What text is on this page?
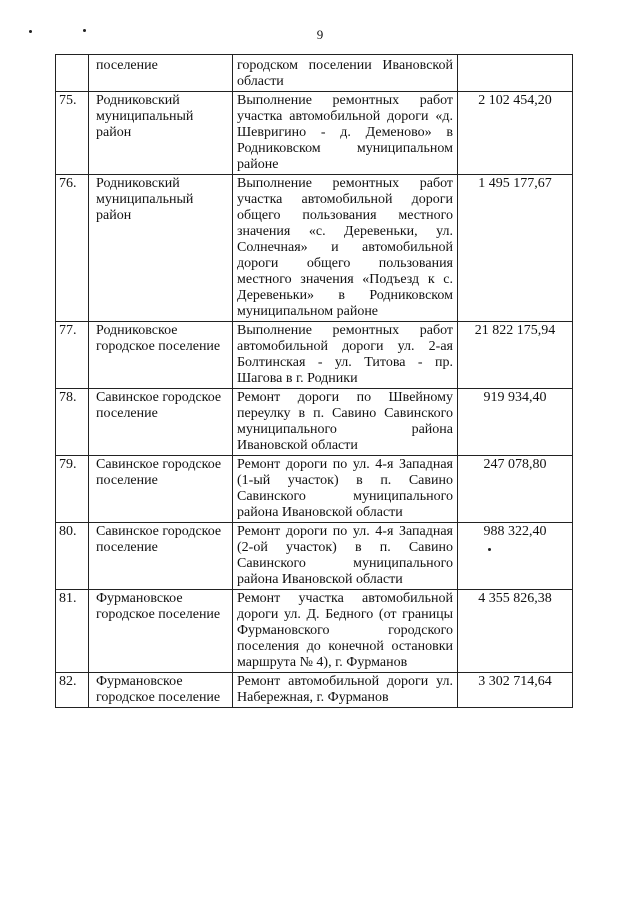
9
	поселение	городском поселении Ивановской области	
75.	Родниковский муниципальный район	Выполнение ремонтных работ участка автомобильной дороги «д. Шевригино - д. Деменово» в Родниковском муниципальном районе	2 102 454,20
76.	Родниковский муниципальный район	Выполнение ремонтных работ участка автомобильной дороги общего пользования местного значения «с. Деревеньки, ул. Солнечная» и автомобильной дороги общего пользования местного значения «Подъезд к с. Деревеньки» в Родниковском муниципальном районе	1 495 177,67
77.	Родниковское городское поселение	Выполнение ремонтных работ автомобильной дороги ул. 2-ая Болтинская - ул. Титова - пр. Шагова в г. Родники	21 822 175,94
78.	Савинское городское поселение	Ремонт дороги по Швейному переулку в п. Савино Савинского муниципального района Ивановской области	919 934,40
79.	Савинское городское поселение	Ремонт дороги по ул. 4-я Западная (1-ый участок) в п. Савино Савинского муниципального района Ивановской области	247 078,80
80.	Савинское городское поселение	Ремонт дороги по ул. 4-я Западная (2-ой участок) в п. Савино Савинского муниципального района Ивановской области	988 322,40

81.	Фурмановское городское поселение	Ремонт участка автомобильной дороги ул. Д. Бедного (от границы Фурмановского городского поселения до конечной остановки маршрута № 4), г. Фурманов	4 355 826,38
82.	Фурмановское городское поселение	Ремонт автомобильной дороги ул. Набережная, г. Фурманов	3 302 714,64
